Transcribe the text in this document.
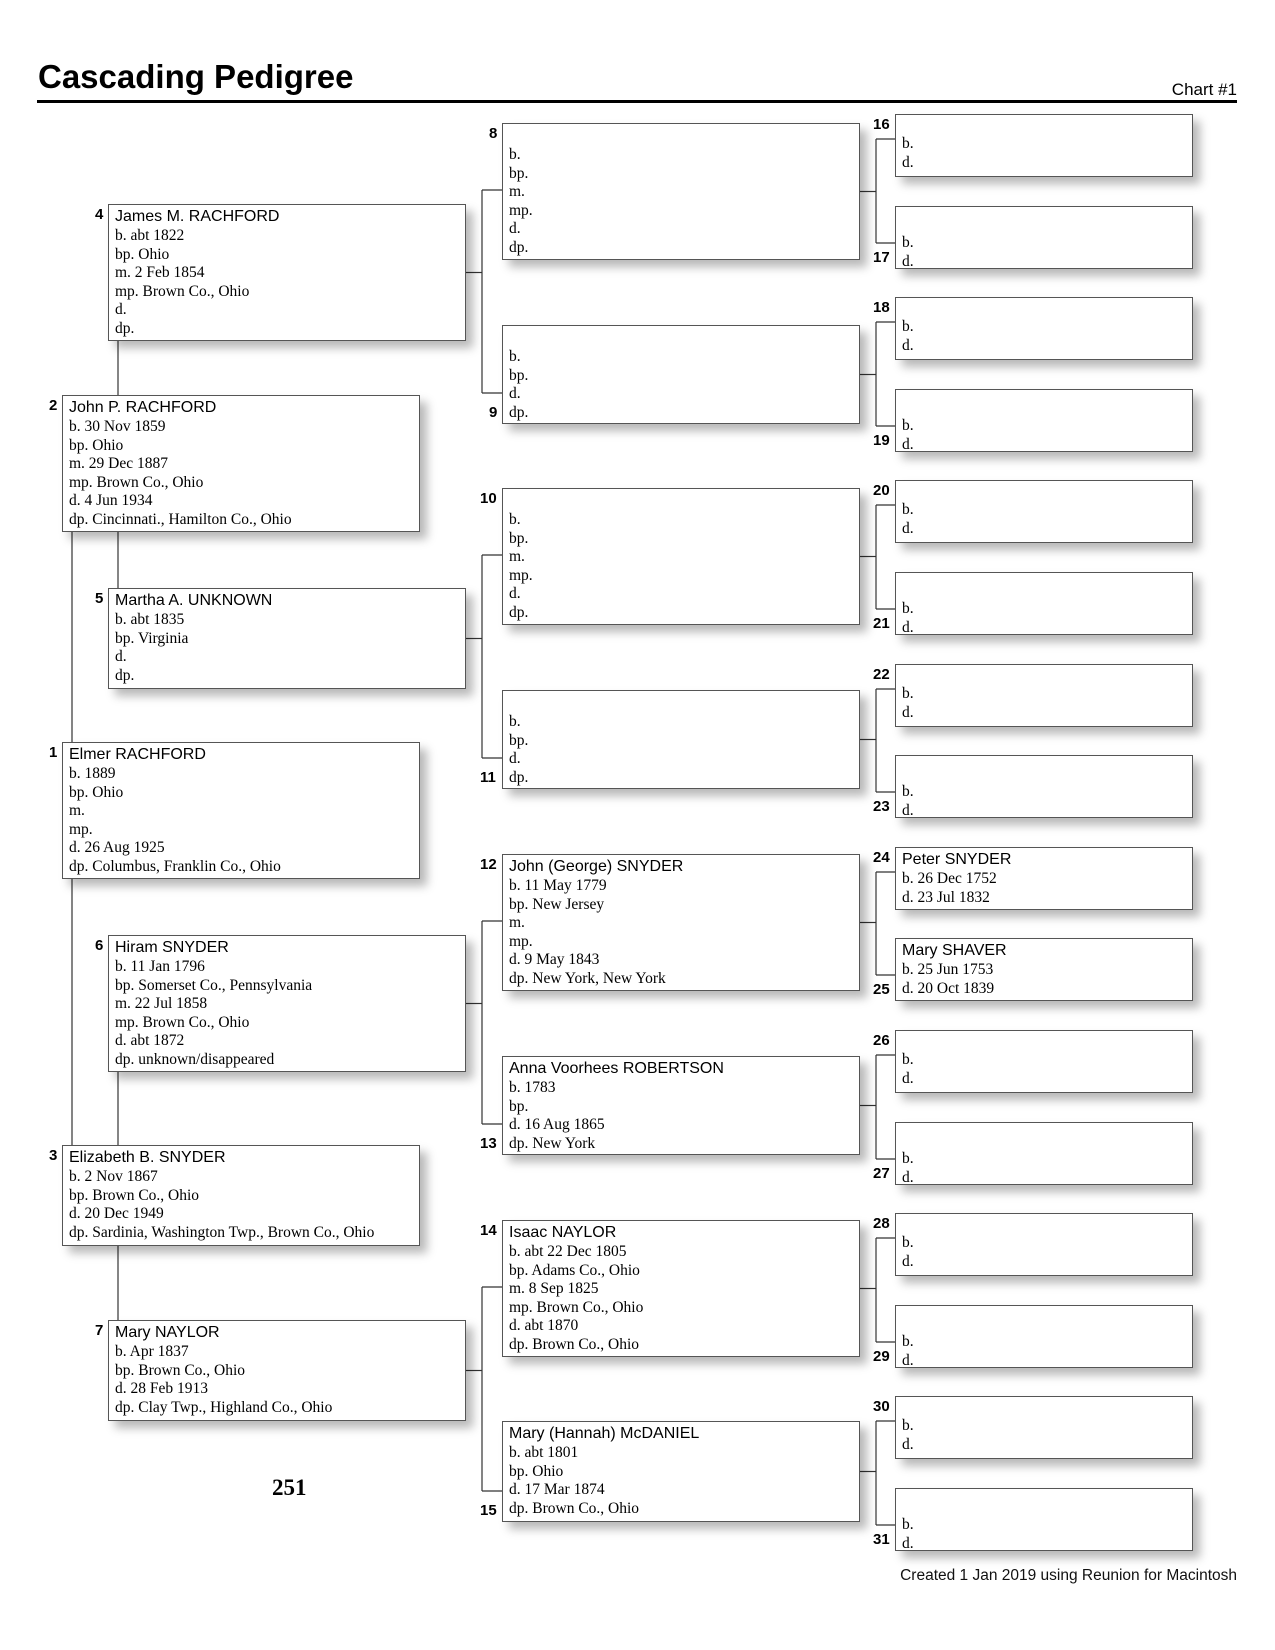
Cascading Pedigree	Chart #1
Elmer RACHFORD
b. 1889
bp. Ohio
m.
mp.
d. 26 Aug 1925
dp. Columbus, Franklin Co., Ohio
1
John P. RACHFORD
b. 30 Nov 1859
bp. Ohio
m. 29 Dec 1887
mp. Brown Co., Ohio
d. 4 Jun 1934
dp. Cincinnati., Hamilton Co., Ohio
2
Elizabeth B. SNYDER
b. 2 Nov 1867
bp. Brown Co., Ohio
d. 20 Dec 1949
dp. Sardinia, Washington Twp., Brown Co., Ohio
3
James M. RACHFORD
b. abt 1822
bp. Ohio
m. 2 Feb 1854
mp. Brown Co., Ohio
d.
dp.
4
Martha A. UNKNOWN
b. abt 1835
bp. Virginia
d.
dp.
5
Hiram SNYDER
b. 11 Jan 1796
bp. Somerset Co., Pennsylvania
m. 22 Jul 1858
mp. Brown Co., Ohio
d. abt 1872
dp. unknown/disappeared
6
Mary NAYLOR
b. Apr 1837
bp. Brown Co., Ohio
d. 28 Feb 1913
dp. Clay Twp., Highland Co., Ohio
7
b.
bp.
m.
mp.
d.
dp.
8
b.
bp.
d.
dp.
9
b.
bp.
m.
mp.
d.
dp.
10
b.
bp.
d.
dp.
11
John (George) SNYDER
b. 11 May 1779
bp. New Jersey
m.
mp.
d. 9 May 1843
dp. New York, New York
12
Anna Voorhees ROBERTSON
b. 1783
bp.
d. 16 Aug 1865
dp. New York
13
Isaac NAYLOR
b. abt 22 Dec 1805
bp. Adams Co., Ohio
m. 8 Sep 1825
mp. Brown Co., Ohio
d. abt 1870
dp. Brown Co., Ohio
14
Mary (Hannah) McDANIEL
b. abt 1801
bp. Ohio
d. 17 Mar 1874
dp. Brown Co., Ohio
15
b.
d.
16
b.
d.
17
b.
d.
18
b.
d.
19
b.
d.
20
b.
d.
21
b.
d.
22
b.
d.
23
Peter SNYDER
b. 26 Dec 1752
d. 23 Jul 1832
24
Mary SHAVER
b. 25 Jun 1753
d. 20 Oct 1839
25
b.
d.
26
b.
d.
27
b.
d.
28
b.
d.
29
b.
d.
30
b.
d.
31
251
Created 1 Jan 2019 using Reunion for Macintosh
